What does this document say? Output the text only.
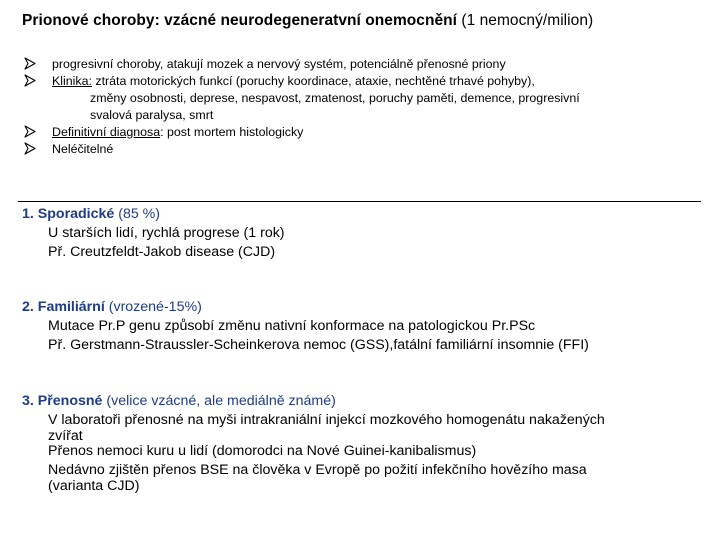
Prionové choroby: vzácné neurodegeneratvní onemocnění (1 nemocný/milion)
progresivní choroby, atakují mozek a nervový systém, potenciálně přenosné priony
Klinika: ztráta motorických funkcí (poruchy koordinace, ataxie, nechtěné trhavé pohyby),
změny osobnosti, deprese, nespavost, zmatenost, poruchy paměti, demence, progresivní
svalová paralysa, smrt
Definitivní diagnosa: post mortem histologicky
Neléčitelné
1. Sporadické (85 %)
U starších lidí, rychlá progrese (1 rok)
Př. Creutzfeldt-Jakob disease (CJD)
2. Familiární (vrozené-15%)
Mutace Pr.P genu způsobí změnu nativní konformace na patologickou Pr.PSc
Př. Gerstmann-Straussler-Scheinkerova nemoc (GSS),fatální familiární insomnie (FFI)
3. Přenosné (velice vzácné, ale mediálně známé)
V laboratoři přenosné na myši intrakraniální injekcí mozkového homogenátu nakažených
zvířat
Přenos nemoci kuru u lidí (domorodci na Nové Guinei-kanibalismus)
Nedávno zjištěn přenos BSE na člověka v Evropě po požití infekčního hovězího masa
(varianta CJD)
